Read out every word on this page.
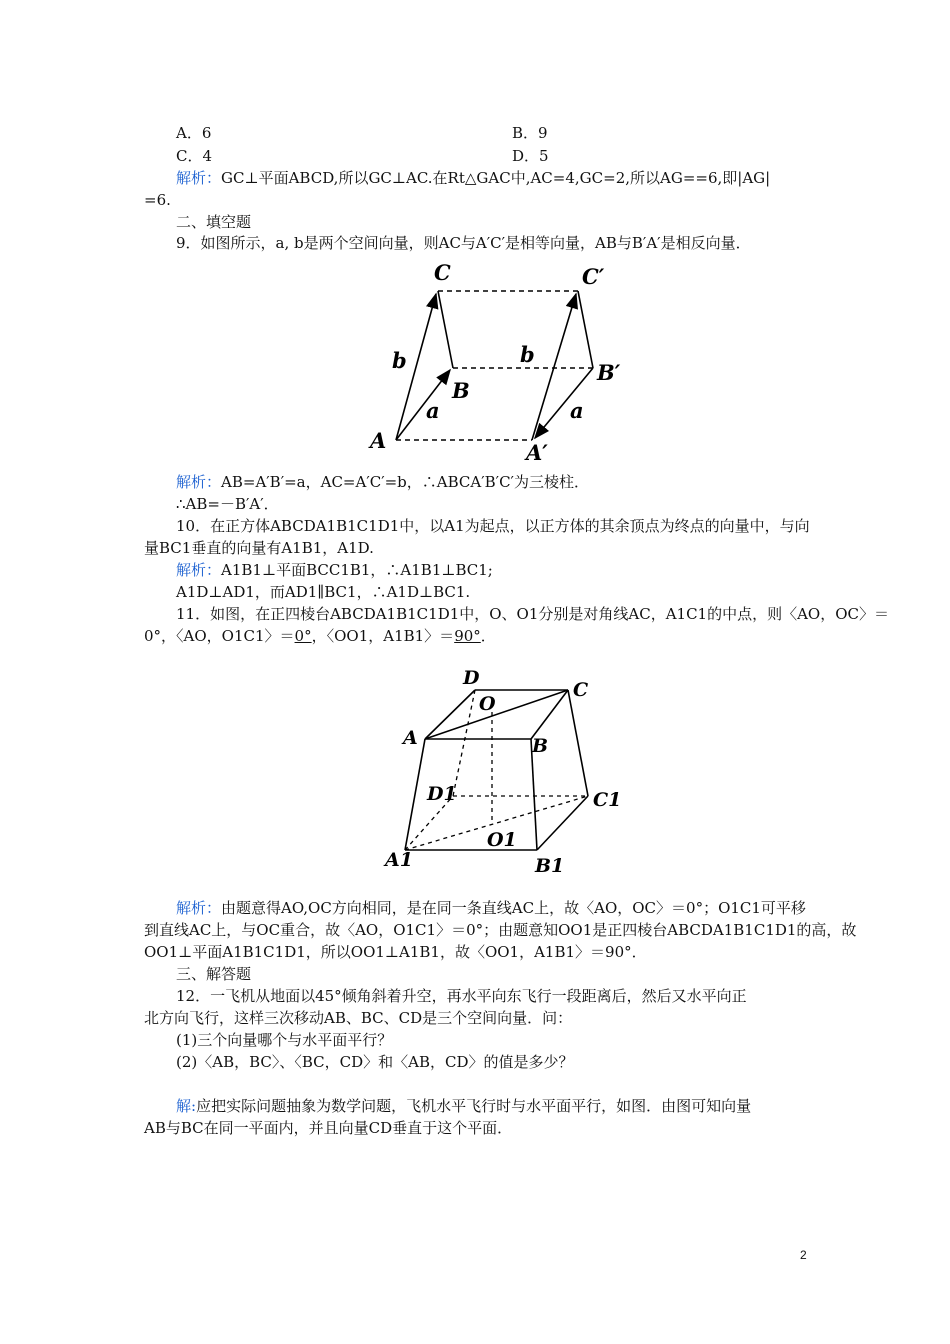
A．6	B．9
C．4	D．5
解析：GC⊥平面ABCD,所以GC⊥AC.在Rt△GAC中,AC=4,GC=2,所以AG==6,即|AG|
=6.
二、填空题
9．如图所示，a, b是两个空间向量，则AC与A′C′是相等向量，AB与B′A′是相反向量．
C	C′
b	b
B
B′
a	a
A	A′
解析：AB=A′B′=a，AC=A′C′=b，∴ABCA′B′C′为三棱柱．
∴AB=－B′A′．
10．在正方体ABCDA1B1C1D1中，以A1为起点，以正方体的其余顶点为终点的向量中，与向
量BC1垂直的向量有A1B1，A1D.
解析：A1B1⊥平面BCC1B1，∴A1B1⊥BC1;
A1D⊥AD1，而AD1∥BC1，∴A1D⊥BC1.
11．如图，在正四棱台ABCDA1B1C1D1中，O、O1分别是对角线AC，A1C1的中点，则〈AO，OC〉＝
0°，〈AO，O1C1〉＝0°，〈OO1，A1B1〉＝90°．
D
O
C
A	B
D1	C1
O1
A1	B1
解析：由题意得AO,OC方向相同，是在同一条直线AC上，故〈AO，OC〉＝0°；O1C1可平移
到直线AC上，与OC重合，故〈AO，O1C1〉＝0°；由题意知OO1是正四棱台ABCDA1B1C1D1的高，故
OO1⊥平面A1B1C1D1，所以OO1⊥A1B1，故〈OO1，A1B1〉＝90°．
三、解答题
12．一飞机从地面以45°倾角斜着升空，再水平向东飞行一段距离后，然后又水平向正
北方向飞行，这样三次移动AB、BC、CD是三个空间向量．问：
(1)三个向量哪个与水平面平行？
(2)〈AB，BC〉、〈BC，CD〉和〈AB，CD〉的值是多少？
解:应把实际问题抽象为数学问题，飞机水平飞行时与水平面平行，如图．由图可知向量
AB与BC在同一平面内，并且向量CD垂直于这个平面．
2
